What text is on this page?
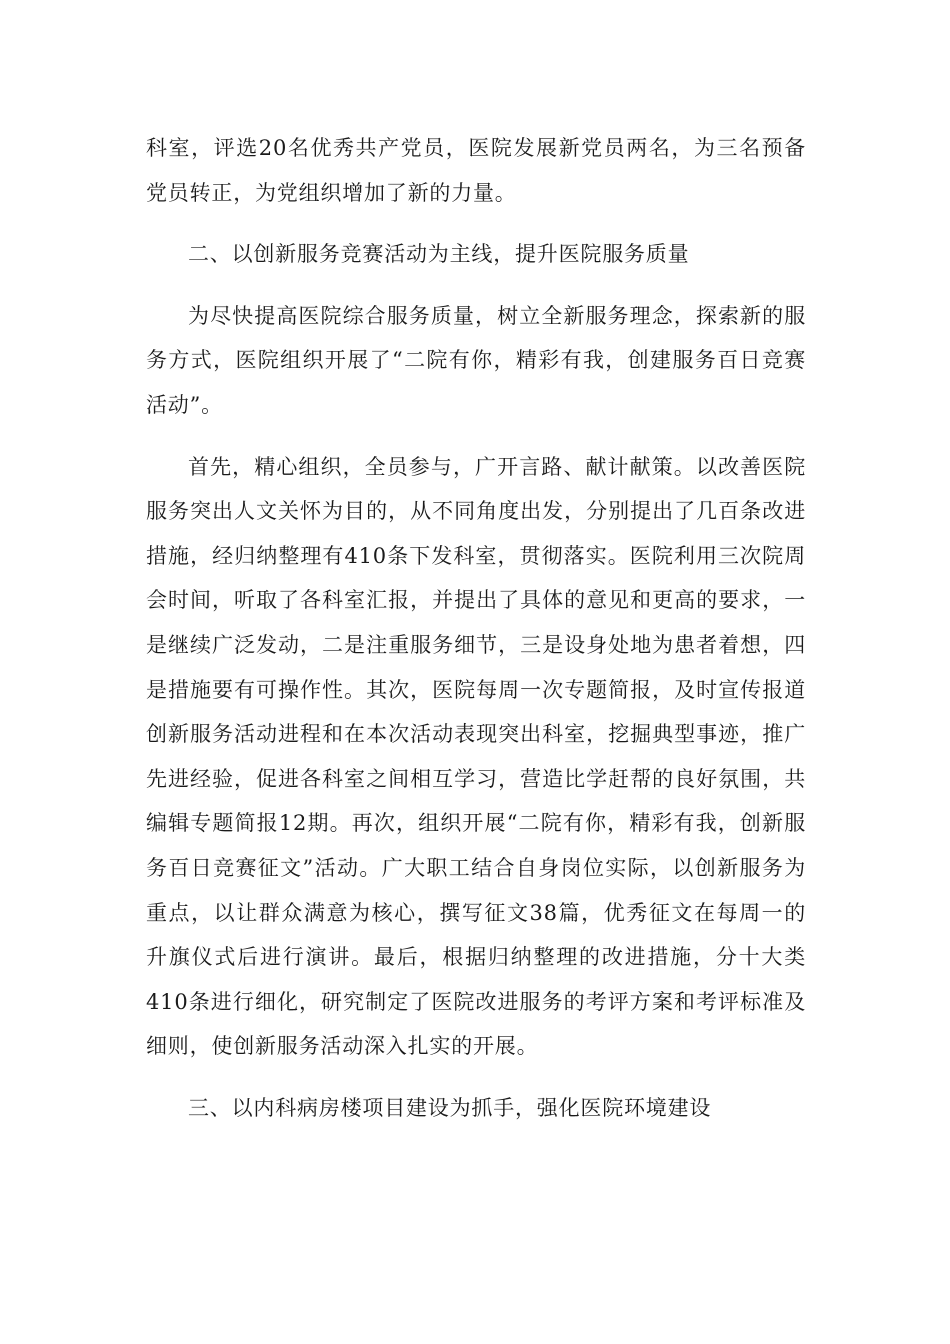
科室，评选20名优秀共产党员，医院发展新党员两名，为三名预备党员转正，为党组织增加了新的力量。

二、以创新服务竞赛活动为主线，提升医院服务质量

为尽快提高医院综合服务质量，树立全新服务理念，探索新的服务方式，医院组织开展了“二院有你，精彩有我，创建服务百日竞赛活动”。

首先，精心组织，全员参与，广开言路、献计献策。以改善医院服务突出人文关怀为目的，从不同角度出发，分别提出了几百条改进措施，经归纳整理有410条下发科室，贯彻落实。医院利用三次院周会时间，听取了各科室汇报，并提出了具体的意见和更高的要求，一是继续广泛发动，二是注重服务细节，三是设身处地为患者着想，四是措施要有可操作性。其次，医院每周一次专题简报，及时宣传报道创新服务活动进程和在本次活动表现突出科室，挖掘典型事迹，推广先进经验，促进各科室之间相互学习，营造比学赶帮的良好氛围，共编辑专题简报12期。再次，组织开展“二院有你，精彩有我，创新服务百日竞赛征文”活动。广大职工结合自身岗位实际，以创新服务为重点，以让群众满意为核心，撰写征文38篇，优秀征文在每周一的升旗仪式后进行演讲。最后，根据归纳整理的改进措施，分十大类410条进行细化，研究制定了医院改进服务的考评方案和考评标准及细则，使创新服务活动深入扎实的开展。

三、以内科病房楼项目建设为抓手，强化医院环境建设
